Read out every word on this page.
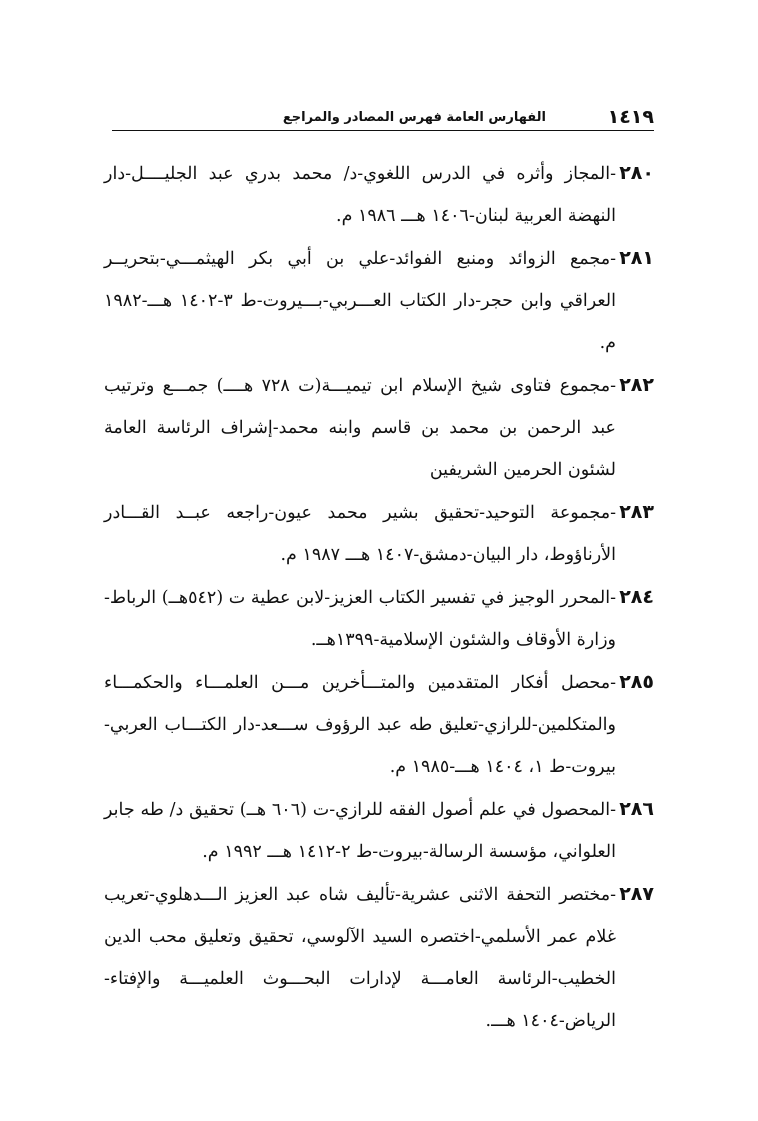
١٤١٩
الفهارس العامة فهرس المصادر والمراجع
٢٨٠-المجاز وأثره في الدرس اللغوي-د/ محمد بدري عبد الجليــــل-دار النهضة العربية لبنان-١٤٠٦ هـــ ١٩٨٦ م.
٢٨١-مجمع الزوائد ومنبع الفوائد-علي بن أبي بكر الهيثمـــي-بتحريــر العراقي وابن حجر-دار الكتاب العـــربي-بـــيروت-ط ٣-١٤٠٢ هـــ-١٩٨٢ م.
٢٨٢-مجموع فتاوى شيخ الإسلام ابن تيميـــة(ت ٧٢٨ هــــ) جمـــع وترتيب عبد الرحمن بن محمد بن قاسم وابنه محمد-إشراف الرئاسة العامة لشئون الحرمين الشريفين
٢٨٣-مجموعة التوحيد-تحقيق بشير محمد عيون-راجعه عبــد القـــادر الأرناؤوط، دار البيان-دمشق-١٤٠٧ هـــ ١٩٨٧ م.
٢٨٤-المحرر الوجيز في تفسير الكتاب العزيز-لابن عطية ت (٥٤٢هــ) الرباط-وزارة الأوقاف والشئون الإسلامية-١٣٩٩هــ.
٢٨٥-محصل أفكار المتقدمين والمتـــأخرين مـــن العلمـــاء والحكمـــاء والمتكلمين-للرازي-تعليق طه عبد الرؤوف ســـعد-دار الكتـــاب العربي-بيروت-ط ١، ١٤٠٤ هـــ-١٩٨٥ م.
٢٨٦-المحصول في علم أصول الفقه للرازي-ت (٦٠٦ هــ) تحقيق د/ طه جابر العلواني، مؤسسة الرسالة-بيروت-ط ٢-١٤١٢ هـــ ١٩٩٢ م.
٢٨٧-مختصر التحفة الاثنى عشرية-تأليف شاه عبد العزيز الـــدهلوي-تعريب غلام عمر الأسلمي-اختصره السيد الآلوسي، تحقيق وتعليق محب الدين الخطيب-الرئاسة العامـــة لإدارات البحـــوث العلميـــة والإفتاء-الرياض-١٤٠٤ هـــ.
